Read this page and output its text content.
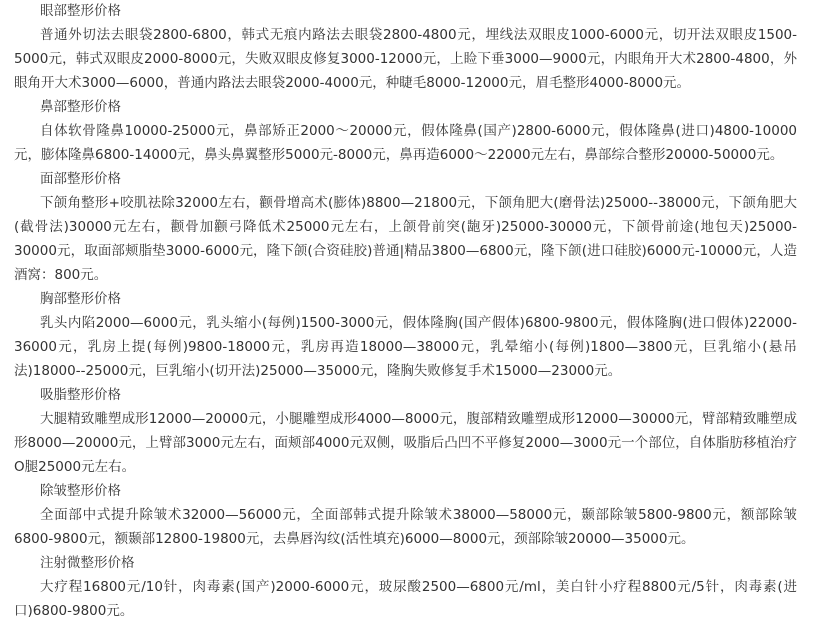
眼部整形价格

普通外切法去眼袋2800-6800，韩式无痕内路法去眼袋2800-4800元，埋线法双眼皮1000-6000元，切开法双眼皮1500-5000元，韩式双眼皮2000-8000元，失败双眼皮修复3000-12000元，上睑下垂3000—9000元，内眼角开大术2800-4800，外眼角开大术3000—6000，普通内路法去眼袋2000-4000元，种睫毛8000-12000元，眉毛整形4000-8000元。

鼻部整形价格

自体软骨隆鼻10000-25000元，鼻部矫正2000～20000元，假体隆鼻(国产)2800-6000元，假体隆鼻(进口)4800-10000元，膨体隆鼻6800-14000元，鼻头鼻翼整形5000元-8000元，鼻再造6000～22000元左右，鼻部综合整形20000-50000元。

面部整形价格

下颌角整形+咬肌祛除32000左右，颧骨增高术(膨体)8800—21800元，下颌角肥大(磨骨法)25000--38000元，下颌角肥大(截骨法)30000元左右，颧骨加颧弓降低术25000元左右，上颌骨前突(龅牙)25000-30000元，下颌骨前途(地包天)25000-30000元，取面部颊脂垫3000-6000元，隆下颌(合资硅胶)普通|精品3800—6800元，隆下颌(进口硅胶)6000元-10000元，人造酒窝：800元。

胸部整形价格

乳头内陷2000—6000元，乳头缩小(每例)1500-3000元，假体隆胸(国产假体)6800-9800元，假体隆胸(进口假体)22000-36000元，乳房上提(每例)9800-18000元，乳房再造18000—38000元，乳晕缩小(每例)1800—3800元，巨乳缩小(悬吊法)18000--25000元，巨乳缩小(切开法)25000—35000元，隆胸失败修复手术15000—23000元。

吸脂整形价格

大腿精致雕塑成形12000—20000元，小腿雕塑成形4000—8000元，腹部精致雕塑成形12000—30000元，臂部精致雕塑成形8000—20000元，上臂部3000元左右，面颊部4000元双侧，吸脂后凸凹不平修复2000—3000元一个部位，自体脂肪移植治疗O腿25000元左右。

除皱整形价格

全面部中式提升除皱术32000—56000元，全面部韩式提升除皱术38000—58000元，颞部除皱5800-9800元，额部除皱6800-9800元，额颞部12800-19800元，去鼻唇沟纹(活性填充)6000—8000元，颈部除皱20000—35000元。

注射微整形价格

大疗程16800元/10针，肉毒素(国产)2000-6000元，玻尿酸2500—6800元/ml，美白针小疗程8800元/5针，肉毒素(进口)6800-9800元。
